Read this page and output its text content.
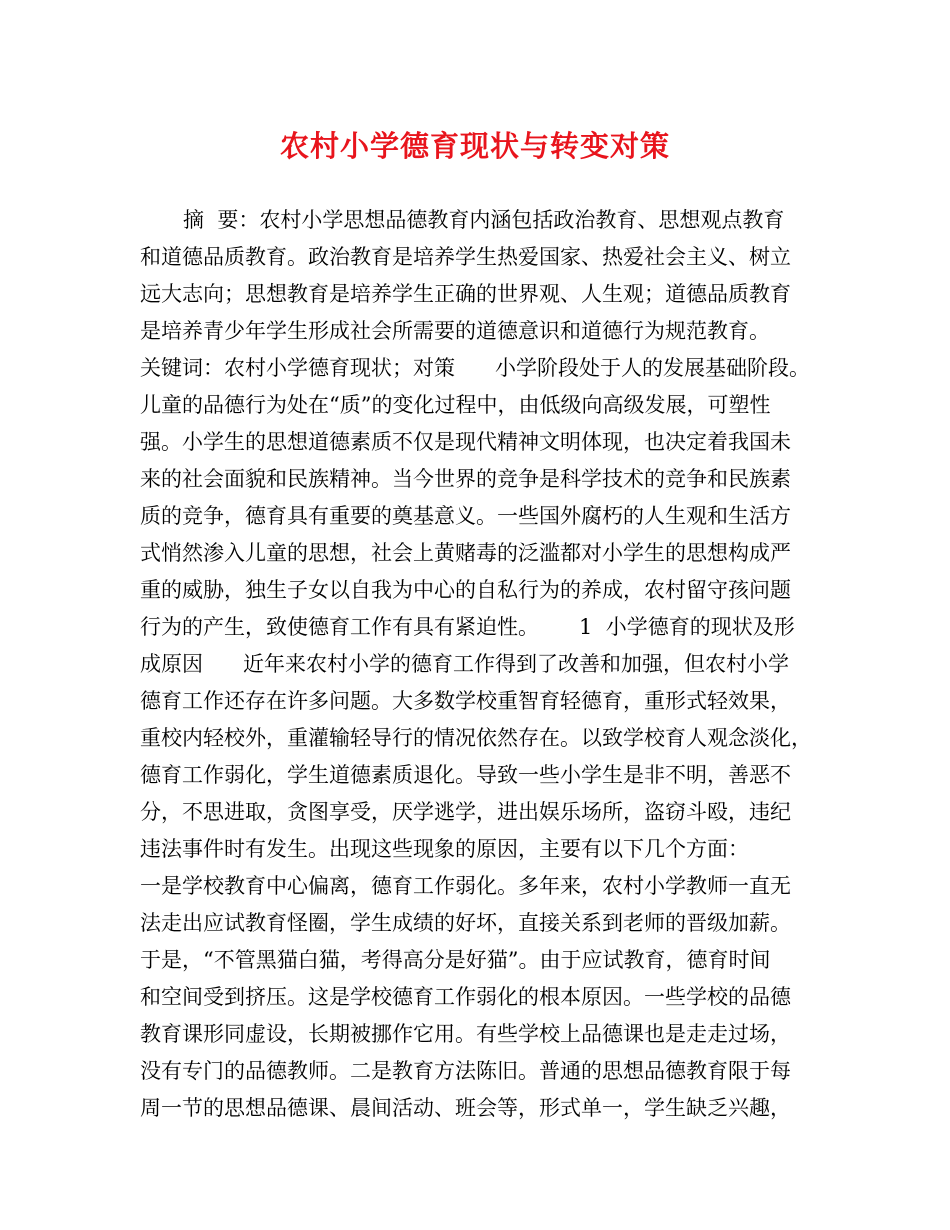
农村小学德育现状与转变对策

摘  要：农村小学思想品德教育内涵包括政治教育、思想观点教育

和道德品质教育。政治教育是培养学生热爱国家、热爱社会主义、树立

远大志向；思想教育是培养学生正确的世界观、人生观；道德品质教育

是培养青少年学生形成社会所需要的道德意识和道德行为规范教育。

关键词：农村小学德育现状；对策      小学阶段处于人的发展基础阶段。

儿童的品德行为处在“质”的变化过程中，由低级向高级发展，可塑性

强。小学生的思想道德素质不仅是现代精神文明体现，也决定着我国未

来的社会面貌和民族精神。当今世界的竞争是科学技术的竞争和民族素

质的竞争，德育具有重要的奠基意义。一些国外腐朽的人生观和生活方

式悄然渗入儿童的思想，社会上黄赌毒的泛滥都对小学生的思想构成严

重的威胁，独生子女以自我为中心的自私行为的养成，农村留守孩问题

行为的产生，致使德育工作有具有紧迫性。      1  小学德育的现状及形

成原因      近年来农村小学的德育工作得到了改善和加强，但农村小学

德育工作还存在许多问题。大多数学校重智育轻德育，重形式轻效果，

重校内轻校外，重灌输轻导行的情况依然存在。以致学校育人观念淡化，

德育工作弱化，学生道德素质退化。导致一些小学生是非不明，善恶不

分，不思进取，贪图享受，厌学逃学，进出娱乐场所，盗窃斗殴，违纪

违法事件时有发生。出现这些现象的原因，主要有以下几个方面：

一是学校教育中心偏离，德育工作弱化。多年来，农村小学教师一直无

法走出应试教育怪圈，学生成绩的好坏，直接关系到老师的晋级加薪。

于是，“不管黑猫白猫，考得高分是好猫”。由于应试教育，德育时间

和空间受到挤压。这是学校德育工作弱化的根本原因。一些学校的品德

教育课形同虚设，长期被挪作它用。有些学校上品德课也是走走过场，

没有专门的品德教师。二是教育方法陈旧。普通的思想品德教育限于每

周一节的思想品德课、晨间活动、班会等，形式单一，学生缺乏兴趣，
